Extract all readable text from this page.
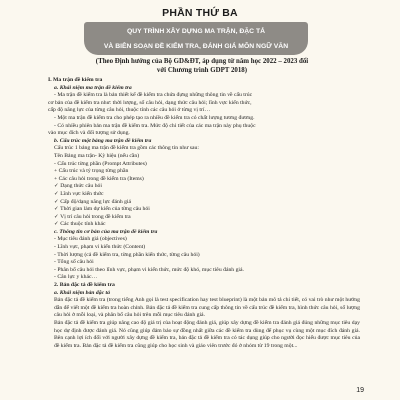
PHẦN THỨ BA
QUY TRÌNH XÂY DỰNG MA TRẬN, ĐẶC TẢ
VÀ BIÊN SOẠN ĐỀ KIỂM TRA, ĐÁNH GIÁ MÔN NGỮ VĂN
(Theo Định hướng của Bộ GD&ĐT, áp dụng từ năm học 2022 – 2023 đối
với Chương trình GDPT 2018)
I. Ma trận đề kiểm tra
a. Khái niệm ma trận đề kiểm tra
- Ma trận đề kiểm tra là bản thiết kế đề kiểm tra chứa đựng những thông tin về cấu trúc
cơ bản của đề kiểm tra như: thời lượng, số câu hỏi, dạng thức câu hỏi; lĩnh vực kiến thức,
cấp độ năng lực của từng câu hỏi, thuộc tính các câu hỏi ở từng vị trí…
- Một ma trận đề kiểm tra cho phép tạo ra nhiều đề kiểm tra có chất lượng tương đương.
- Có nhiều phiên bản ma trận đề kiểm tra. Mức độ chi tiết của các ma trận này phụ thuộc
vào mục đích và đối tượng sử dụng.
b. Cấu trúc một bảng ma trận đề kiểm tra
Cấu trúc 1 bảng ma trận đề kiểm tra gồm các thông tin như sau:
Tên Bảng ma trận- Kỳ hiệu (nếu cần)
- Cấu trúc từng phần (Prompt Attributes)
+ Cấu trúc và tỷ trọng từng phần
+ Các câu hỏi trong đề kiểm tra (Items)
✓ Dạng thức câu hỏi
✓ Lĩnh vực kiến thức
✓ Cấp độ/dạng năng lực đánh giá
✓ Thời gian làm dự kiến của từng câu hỏi
✓ Vị trí câu hỏi trong đề kiểm tra
✓ Các thuộc tính khác
c. Thông tin cơ bản của ma trận đề kiểm tra
- Mục tiêu đánh giá (objectives)
- Lĩnh vực, phạm vi kiến thức (Content)
- Thời lượng (cả đề kiểm tra, từng phần kiến thức, từng câu hỏi)
- Tổng số câu hỏi
- Phân bổ câu hỏi theo lĩnh vực, phạm vi kiến thức, mức độ khó, mục tiêu đánh giá.
- Cân lực y khác…
2. Bản đặc tả đề kiểm tra
a. Khái niệm bản đặc tả
Bản đặc tả đề kiểm tra (trong tiếng Anh gọi là test specification hay test blueprint) là một bản mô tả chi tiết, có vai trò như một hướng dẫn để viết một đề kiểm tra hoàn chỉnh. Bản đặc tả đề kiểm tra cung cấp thông tin về cấu trúc đề kiểm tra, hình thức câu hỏi, số lượng câu hỏi ở mỗi loại, và phân bố câu hỏi trên mỗi mục tiêu đánh giá.
Bản đặc tả đề kiểm tra giúp nâng cao độ giá trị của hoạt động đánh giá, giúp xây dựng đề kiểm tra đánh giá đúng những mục tiêu dạy học dự định được đánh giá. Nó cũng giúp đảm bảo sự đồng nhất giữa các đề kiểm tra dùng để phục vụ cùng một mục đích đánh giá. Bên cạnh lợi ích đối với người xây dựng đề kiểm tra, bản đặc tả đề kiểm tra có tác dụng giúp cho người đọc hiểu được mục tiêu của đề kiểm tra. Bản đặc tả đề kiểm tra cũng giúp cho học sinh và giáo viên trước đó ở nhóm từ 19 trong một...
19
